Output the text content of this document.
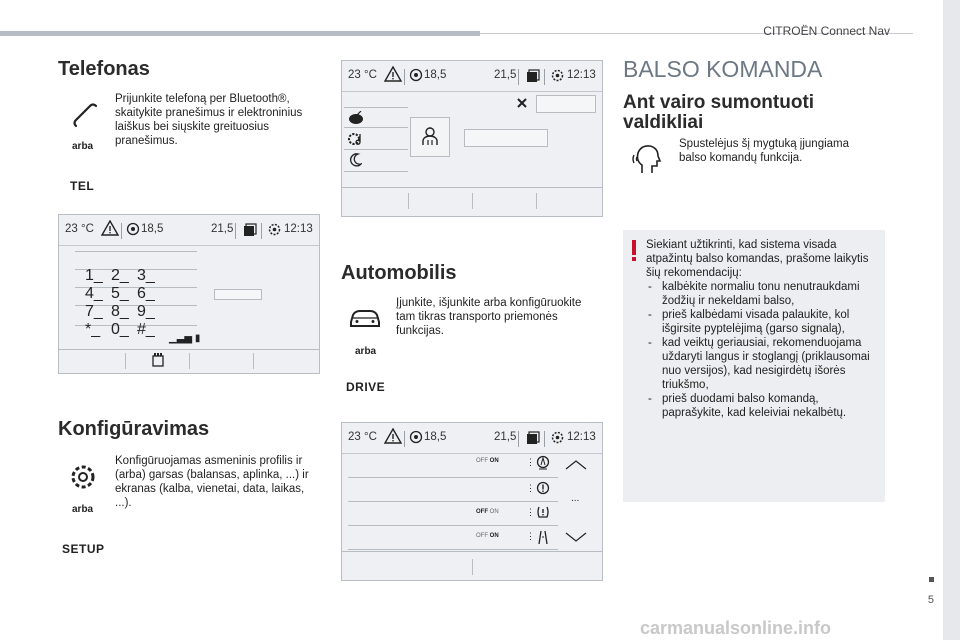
CITROËN Connect Nav
5
carmanualsonline.info
Telefonas
arba
TEL
Prijunkite telefoną per Bluetooth®, skaitykite pranešimus ir elektroninius laiškus bei siųskite greituosius pranešimus.
23 °C	18,5	21,5	12:13
1_ 2_ 3_
4_ 5_ 6_
7_ 8_ 9_
*_ 0_ #_
▁▃▅ ▮
Konfigūravimas
arba
SETUP
Konfigūruojamas asmeninis profilis ir (arba) garsas (balansas, aplinka, ...) ir ekranas (kalba, vienetai, data, laikas, ...).
23 °C	18,5	21,5	12:13
Automobilis
arba
DRIVE
Įjunkite, išjunkite arba konfigūruokite tam tikras transporto priemonės funkcijas.
23 °C	18,5	21,5	12:13
OFF ON	⋮
⋮
OFF ON	⋮
OFF ON	⋮
...
BALSO KOMANDA
Ant vairo sumontuoti valdikliai
Spustelėjus šį mygtuką įjungiama balso komandų funkcija.
Siekiant užtikrinti, kad sistema visada atpažintų balso komandas, prašome laikytis šių rekomendacijų:
- kalbėkite normaliu tonu nenutraukdami žodžių ir nekeldami balso,
- prieš kalbėdami visada palaukite, kol išgirsite pyptelėjimą (garso signalą),
- kad veiktų geriausiai, rekomenduojama uždaryti langus ir stoglangį (priklausomai nuo versijos), kad nesigirdėtų išorės triukšmo,
- prieš duodami balso komandą, paprašykite, kad keleiviai nekalbėtų.
